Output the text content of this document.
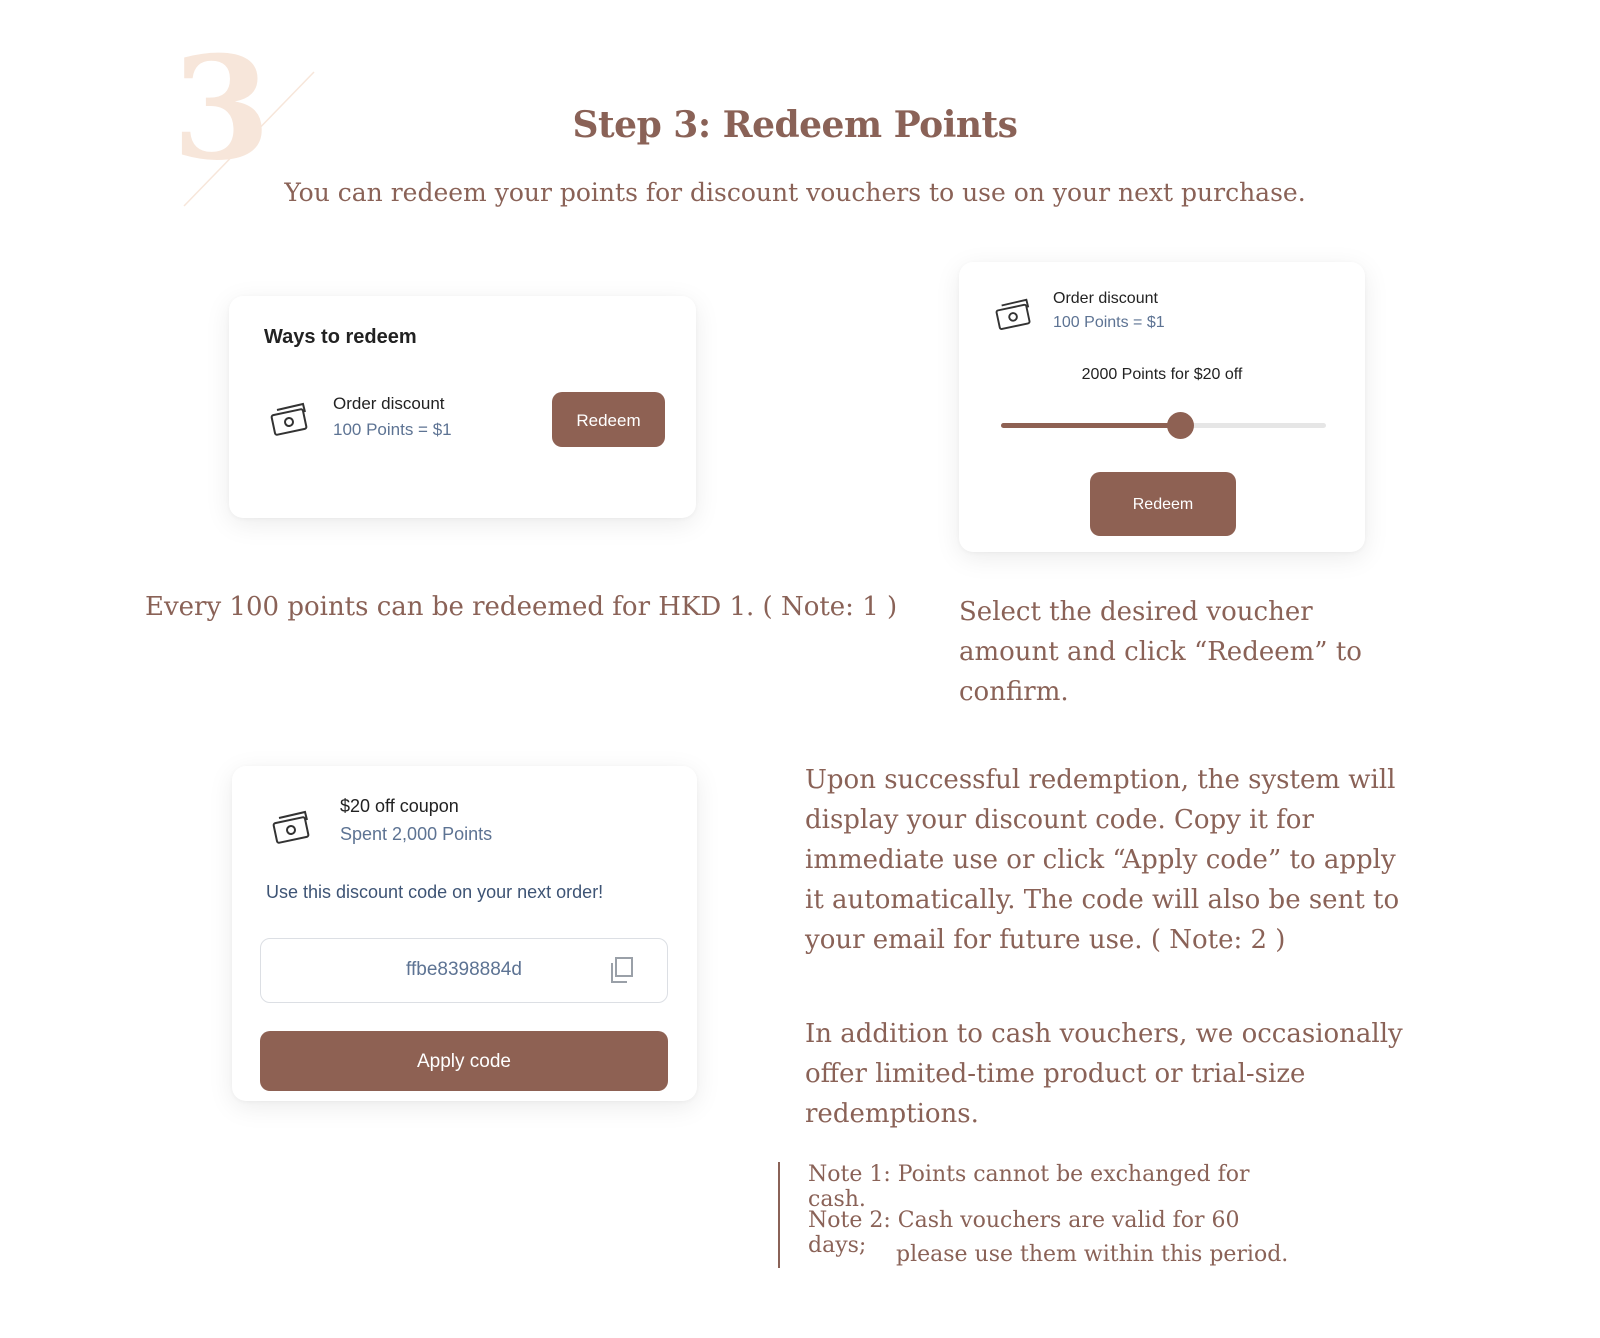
3	Step 3: Redeem Points
You can redeem your points for discount vouchers to use on your next purchase.
Ways to redeem
Order discount
100 Points = $1	Redeem
Order discount
100 Points = $1
2000 Points for $20 off
Redeem
Every 100 points can be redeemed for HKD 1. ( Note: 1 ) Select the desired voucher amount and click “Redeem” to confirm.
$20 off coupon
Spent 2,000 Points
Use this discount code on your next order!
ffbe8398884d
Apply code
Upon successful redemption, the system will display your discount code. Copy it for immediate use or click “Apply code” to apply it automatically. The code will also be sent to your email for future use. ( Note: 2 )
In addition to cash vouchers, we occasionally offer limited-time product or trial-size redemptions.
Note 1: Points cannot be exchanged for cash.
Note 2: Cash vouchers are valid for 60 days;	please use them within this period.
